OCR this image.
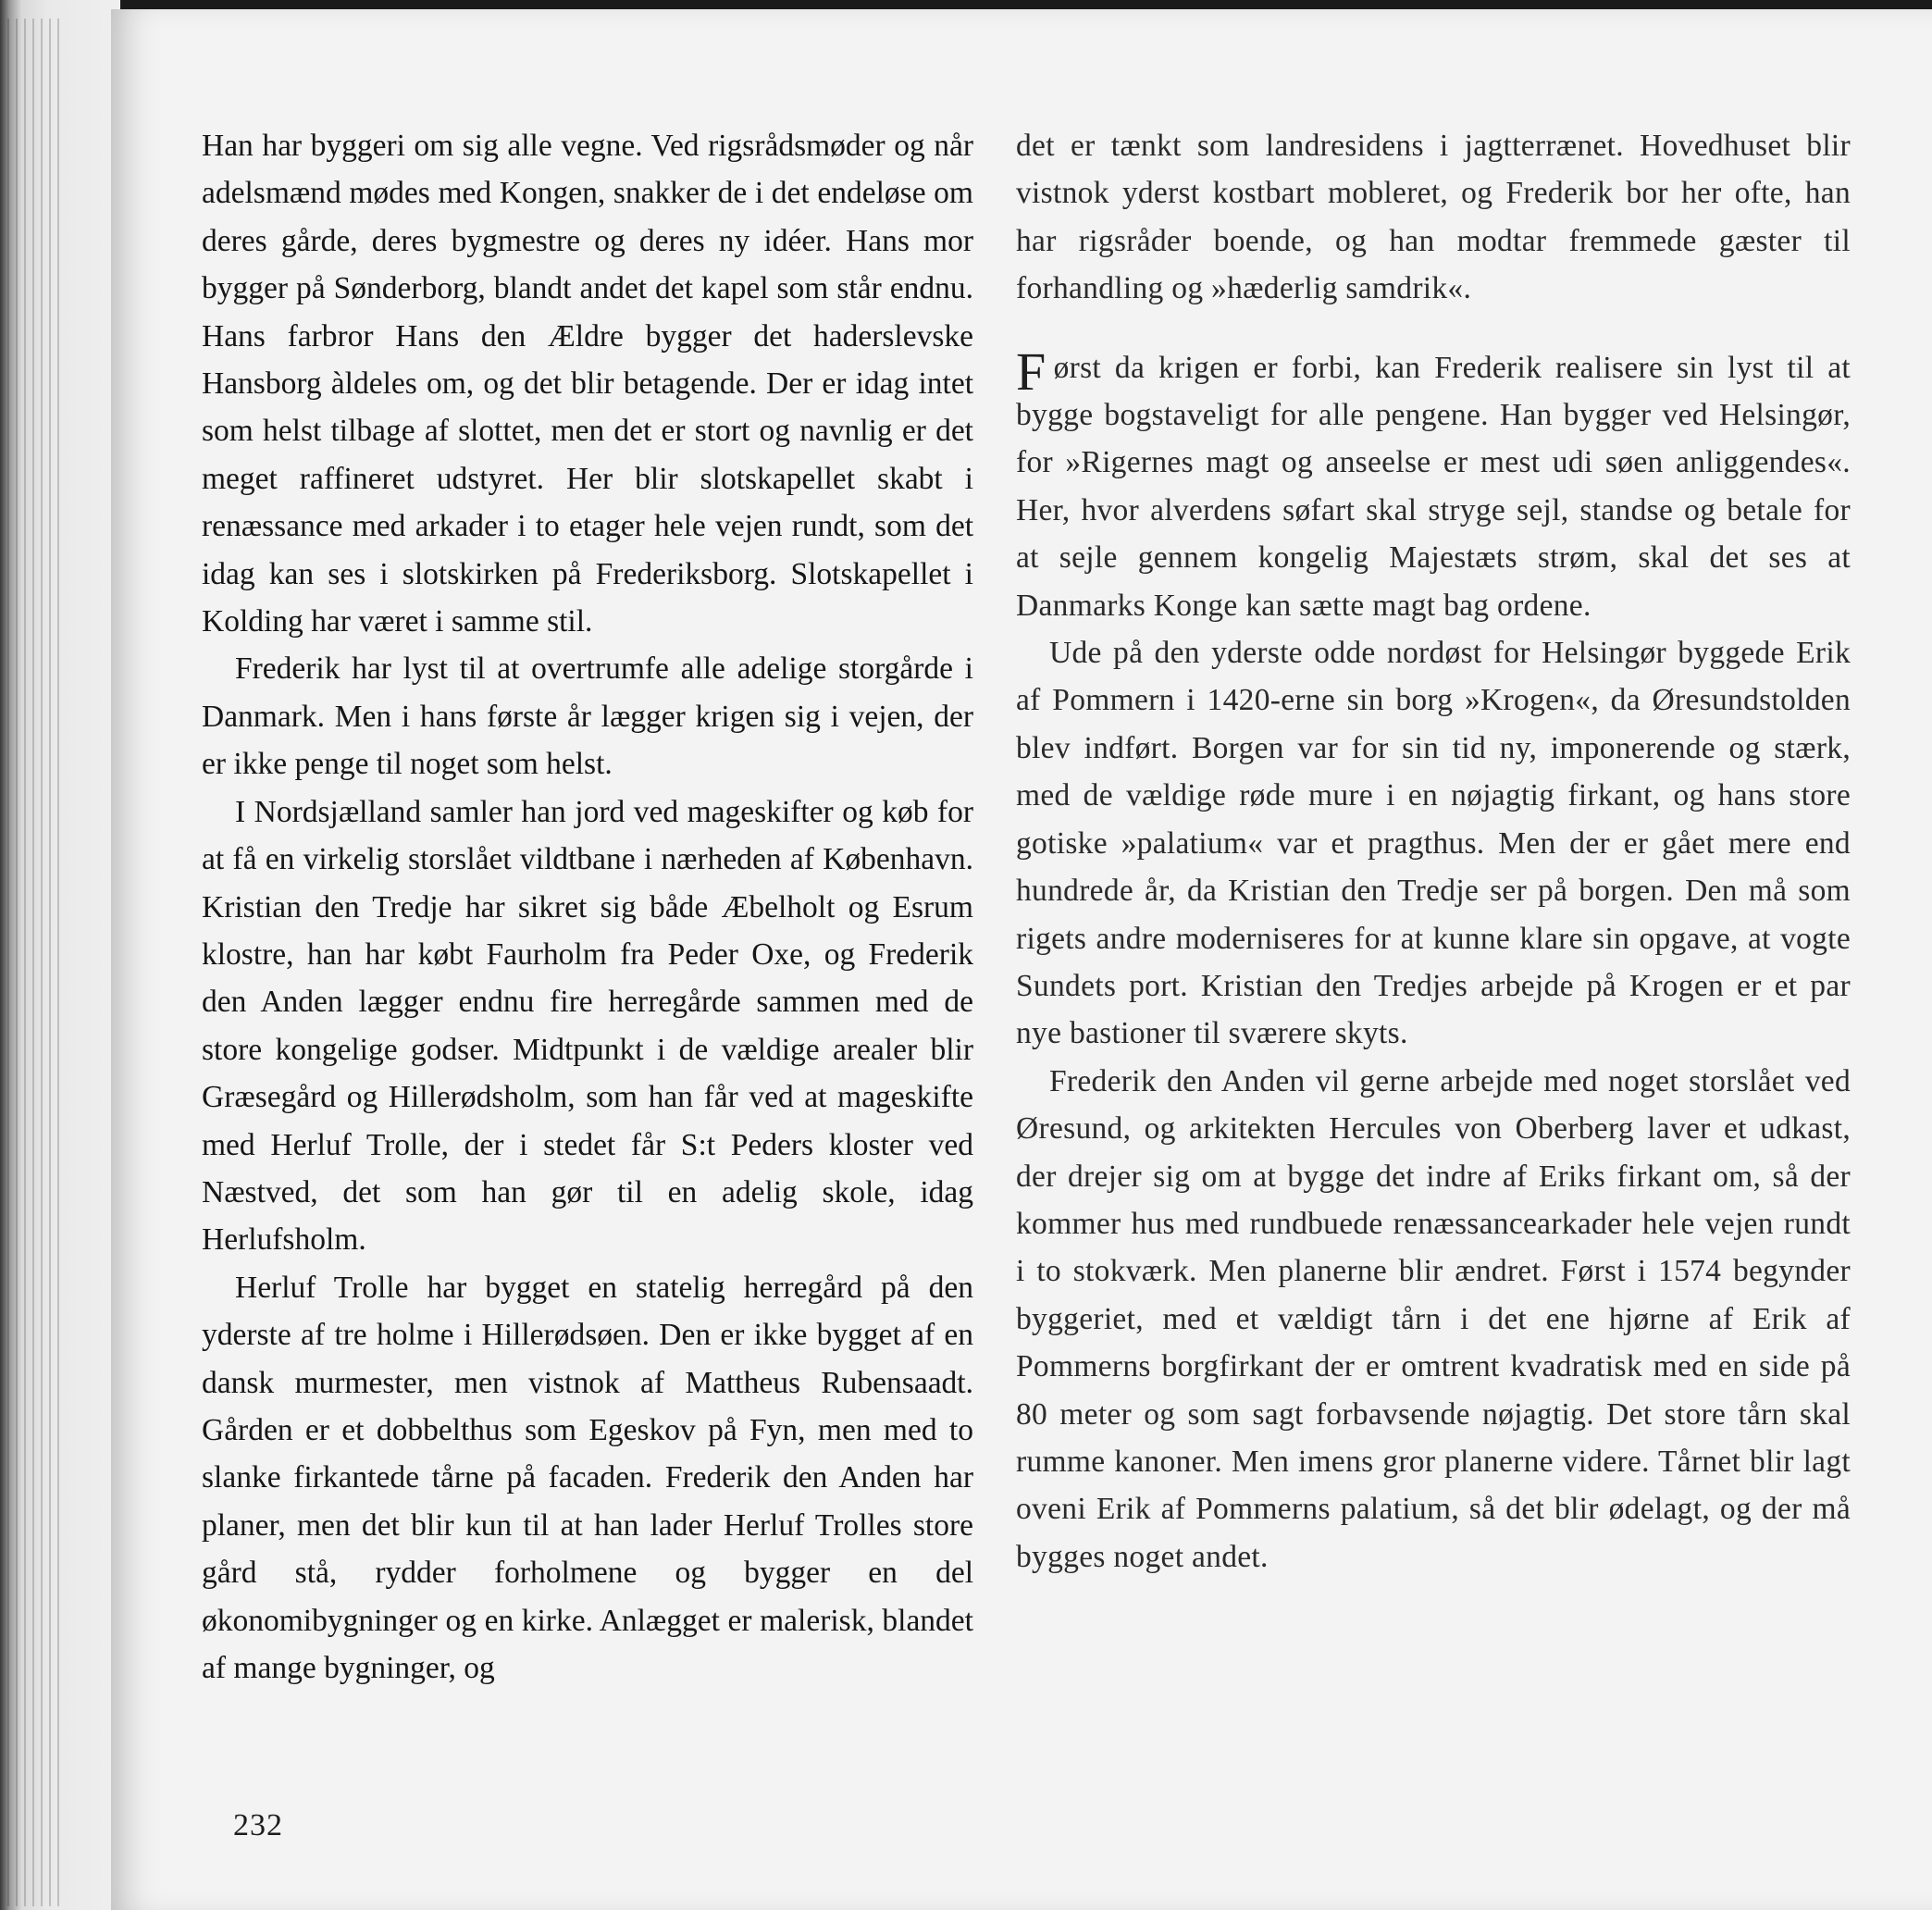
Han har byggeri om sig alle vegne. Ved rigsrådsmøder og når adelsmænd mødes med Kongen, snakker de i det endeløse om deres gårde, deres bygmestre og deres ny idéer. Hans mor bygger på Sønderborg, blandt andet det kapel som står endnu. Hans farbror Hans den Ældre bygger det haderslevske Hansborg àldeles om, og det blir betagende. Der er idag intet som helst tilbage af slottet, men det er stort og navnlig er det meget raffineret udstyret. Her blir slotskapellet skabt i renæssance med arkader i to etager hele vejen rundt, som det idag kan ses i slotskirken på Frederiksborg. Slotskapellet i Kolding har været i samme stil.

Frederik har lyst til at overtrumfe alle adelige storgårde i Danmark. Men i hans første år lægger krigen sig i vejen, der er ikke penge til noget som helst.

I Nordsjælland samler han jord ved mageskifter og køb for at få en virkelig storslået vildtbane i nærheden af København. Kristian den Tredje har sikret sig både Æbelholt og Esrum klostre, han har købt Faurholm fra Peder Oxe, og Frederik den Anden lægger endnu fire herregårde sammen med de store kongelige godser. Midtpunkt i de vældige arealer blir Græsegård og Hillerødsholm, som han får ved at mageskifte med Herluf Trolle, der i stedet får S:t Peders kloster ved Næstved, det som han gør til en adelig skole, idag Herlufsholm.

Herluf Trolle har bygget en statelig herregård på den yderste af tre holme i Hillerødsøen. Den er ikke bygget af en dansk murmester, men vistnok af Mattheus Rubensaadt. Gården er et dobbelthus som Egeskov på Fyn, men med to slanke firkantede tårne på facaden. Frederik den Anden har planer, men det blir kun til at han lader Herluf Trolles store gård stå, rydder forholmene og bygger en del økonomibygninger og en kirke. Anlægget er malerisk, blandet af mange bygninger, og

det er tænkt som landresidens i jagtterrænet. Hovedhuset blir vistnok yderst kostbart mobleret, og Frederik bor her ofte, han har rigsråder boende, og han modtar fremmede gæster til forhandling og »hæderlig samdrik«.

Først da krigen er forbi, kan Frederik realisere sin lyst til at bygge bogstaveligt for alle pengene. Han bygger ved Helsingør, for »Rigernes magt og anseelse er mest udi søen anliggendes«. Her, hvor alverdens søfart skal stryge sejl, standse og betale for at sejle gennem kongelig Majestæts strøm, skal det ses at Danmarks Konge kan sætte magt bag ordene.

Ude på den yderste odde nordøst for Helsingør byggede Erik af Pommern i 1420-erne sin borg »Krogen«, da Øresundstolden blev indført. Borgen var for sin tid ny, imponerende og stærk, med de vældige røde mure i en nøjagtig firkant, og hans store gotiske »palatium« var et pragthus. Men der er gået mere end hundrede år, da Kristian den Tredje ser på borgen. Den må som rigets andre moderniseres for at kunne klare sin opgave, at vogte Sundets port. Kristian den Tredjes arbejde på Krogen er et par nye bastioner til sværere skyts.

Frederik den Anden vil gerne arbejde med noget storslået ved Øresund, og arkitekten Hercules von Oberberg laver et udkast, der drejer sig om at bygge det indre af Eriks firkant om, så der kommer hus med rundbuede renæssancearkader hele vejen rundt i to stokværk. Men planerne blir ændret. Først i 1574 begynder byggeriet, med et vældigt tårn i det ene hjørne af Erik af Pommerns borgfirkant der er omtrent kvadratisk med en side på 80 meter og som sagt forbavsende nøjagtig. Det store tårn skal rumme kanoner. Men imens gror planerne videre. Tårnet blir lagt oveni Erik af Pommerns palatium, så det blir ødelagt, og der må bygges noget andet.

232
